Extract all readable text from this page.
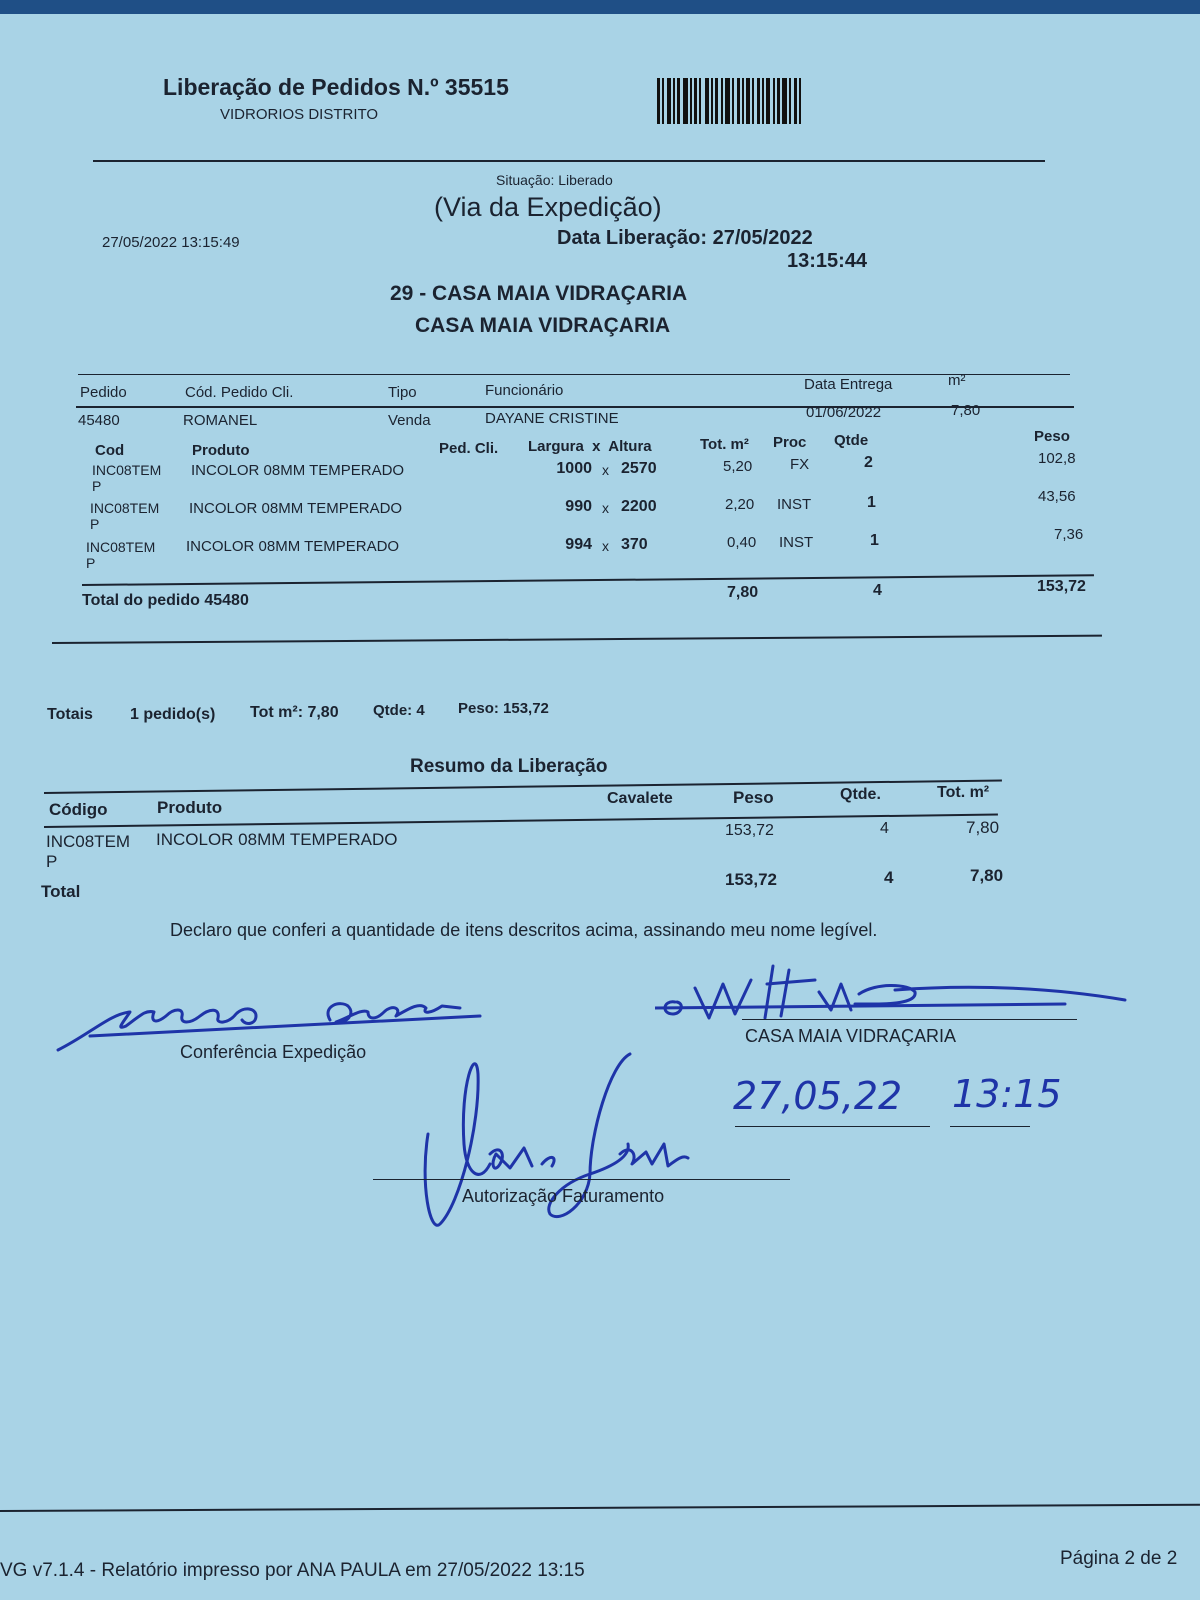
Liberação de Pedidos N.º 35515
VIDRORIOS DISTRITO
Situação: Liberado
(Via da Expedição)
27/05/2022 13:15:49	Data Liberação: 27/05/2022
13:15:44
29 - CASA MAIA VIDRAÇARIA
CASA MAIA VIDRAÇARIA
Pedido	Cód. Pedido Cli.	Tipo	Funcionário	Data Entrega	m²
45480	ROMANEL	Venda	DAYANE CRISTINE	01/06/2022	7,80
Cod	Produto	Ped. Cli. Largura  x  Altura	Tot. m² Proc Qtde	Peso
INC08TEM
P
INCOLOR 08MM TEMPERADO	1000 x 2570	5,20	FX	2	102,8
INC08TEM
P
INCOLOR 08MM TEMPERADO	990 x 2200	2,20 INST	1	43,56
INC08TEM
P
INCOLOR 08MM TEMPERADO	994 x 370	0,40 INST	1	7,36
Total do pedido 45480	7,80	4	153,72
Totais 1 pedido(s) Tot m²: 7,80 Qtde: 4 Peso: 153,72
Resumo da Liberação
Código	Produto	Cavalete	Peso	Qtde.	Tot. m²
INC08TEM
P
INCOLOR 08MM TEMPERADO	153,72	4	7,80
Total
153,72	4	7,80
Declaro que conferi a quantidade de itens descritos acima, assinando meu nome legível.
Conferência Expedição
CASA MAIA VIDRAÇARIA
27,05,22 13:15
Autorização Faturamento
VG v7.1.4 - Relatório impresso por ANA PAULA em 27/05/2022 13:15
Página 2 de 2
